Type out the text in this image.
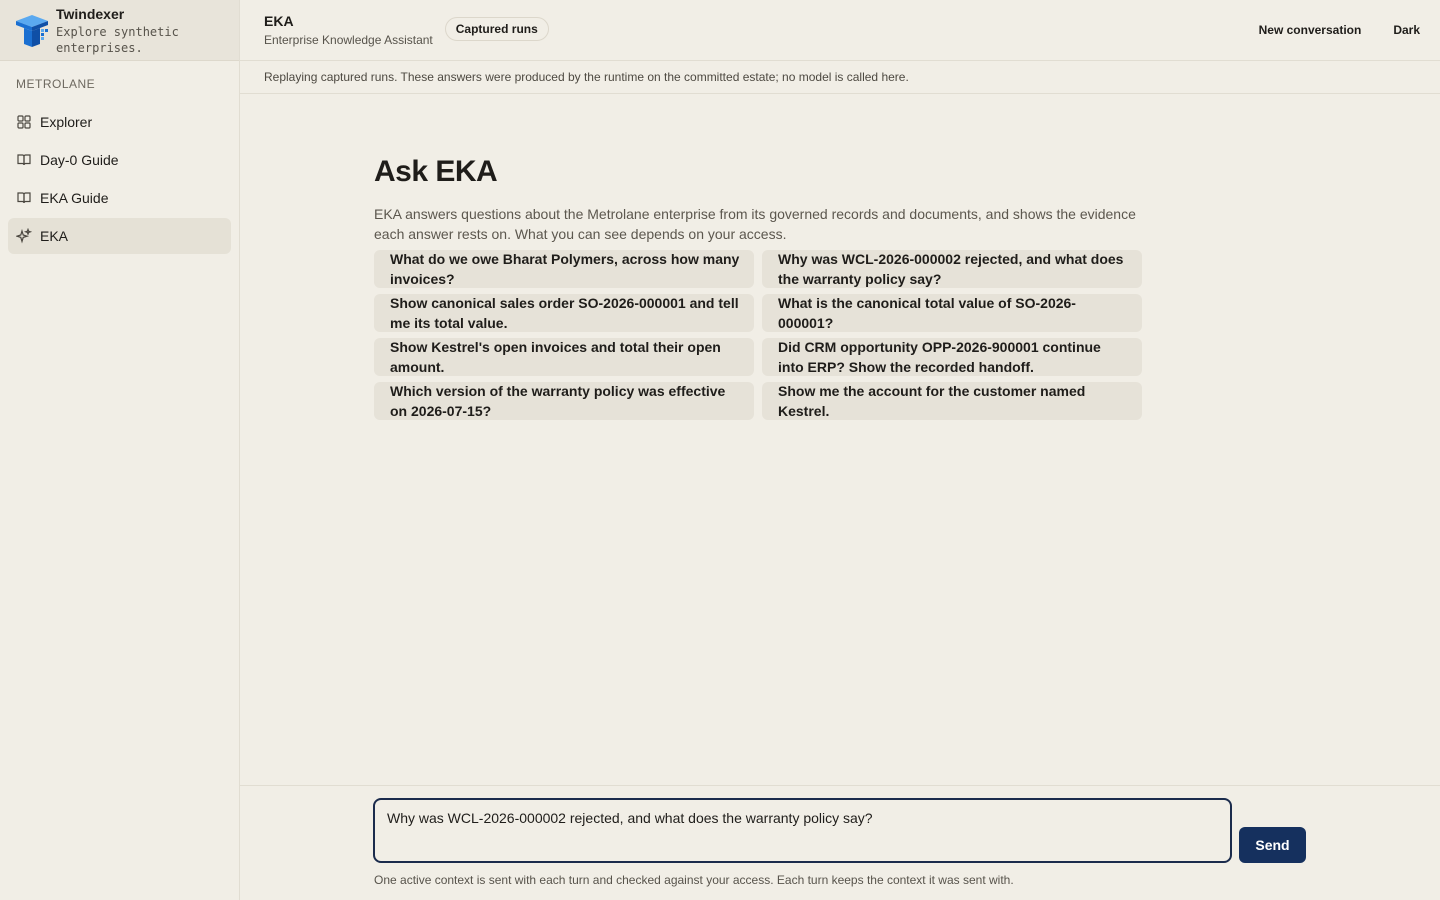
Twindexer
Explore synthetic enterprises.
METROLANE
Explorer
Day-0 Guide
EKA Guide
EKA
EKA
Enterprise Knowledge Assistant
Captured runs	New conversation	Dark
Replaying captured runs. These answers were produced by the runtime on the committed estate; no model is called here.
Ask EKA

EKA answers questions about the Metrolane enterprise from its governed records and documents, and shows the evidence each answer rests on. What you can see depends on your access.

What do we owe Bharat Polymers, across how many invoices?
Why was WCL-2026-000002 rejected, and what does the warranty policy say?
Show canonical sales order SO-2026-000001 and tell me its total value.
What is the canonical total value of SO-2026-000001?
Show Kestrel's open invoices and total their open amount.
Did CRM opportunity OPP-2026-900001 continue into ERP? Show the recorded handoff.
Which version of the warranty policy was effective on 2026-07-15?
Show me the account for the customer named Kestrel.
Why was WCL-2026-000002 rejected, and what does the warranty policy say?
Send
One active context is sent with each turn and checked against your access. Each turn keeps the context it was sent with.
